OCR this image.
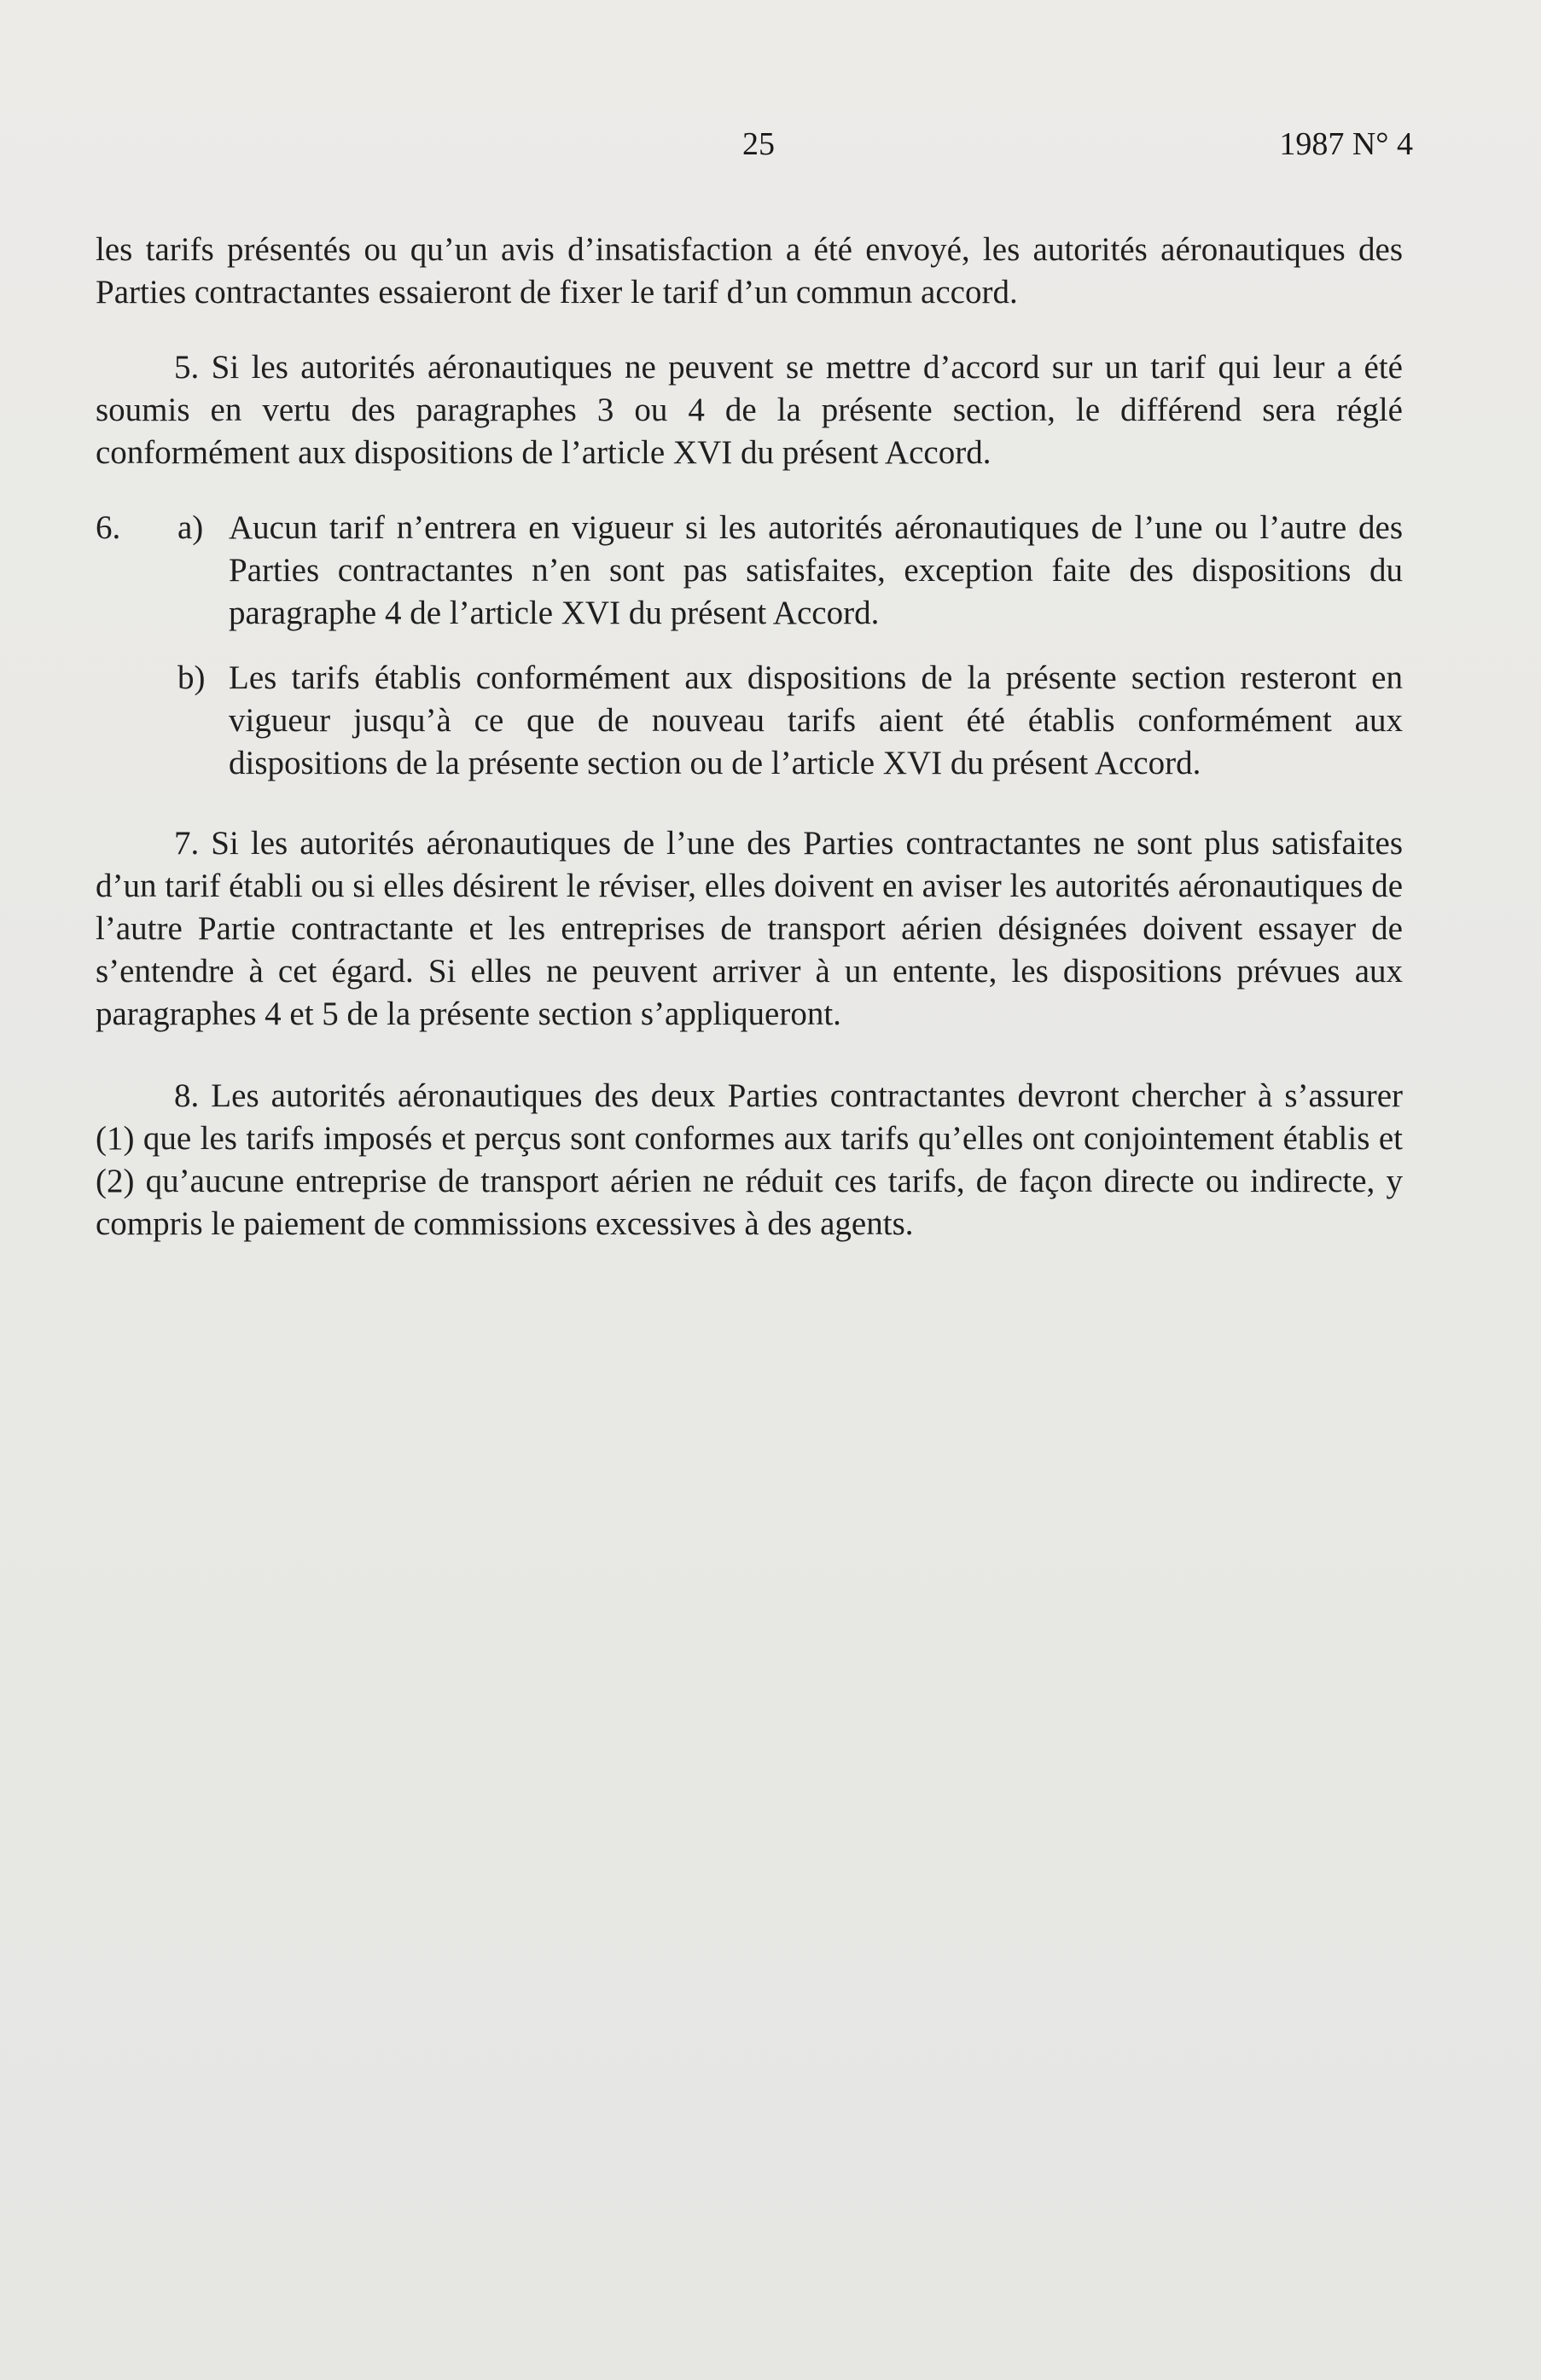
25	1987 N° 4

les tarifs présentés ou qu’un avis d’insatisfaction a été envoyé, les autorités aéronautiques des Parties contractantes essaieront de fixer le tarif d’un commun accord.

5. Si les autorités aéronautiques ne peuvent se mettre d’accord sur un tarif qui leur a été soumis en vertu des paragraphes 3 ou 4 de la présente section, le différend sera réglé conformément aux dispositions de l’article XVI du présent Accord.

6. a) Aucun tarif n’entrera en vigueur si les autorités aéronautiques de l’une ou l’autre des Parties contractantes n’en sont pas satisfaites, exception faite des dispositions du paragraphe 4 de l’article XVI du présent Accord.
b) Les tarifs établis conformément aux dispositions de la présente section resteront en vigueur jusqu’à ce que de nouveau tarifs aient été établis conformément aux dispositions de la présente section ou de l’article XVI du présent Accord.

7. Si les autorités aéronautiques de l’une des Parties contractantes ne sont plus satisfaites d’un tarif établi ou si elles désirent le réviser, elles doivent en aviser les autorités aéronautiques de l’autre Partie contractante et les entreprises de transport aérien désignées doivent essayer de s’entendre à cet égard. Si elles ne peuvent arriver à un entente, les dispositions prévues aux paragraphes 4 et 5 de la présente section s’appliqueront.

8. Les autorités aéronautiques des deux Parties contractantes devront chercher à s’assurer (1) que les tarifs imposés et perçus sont conformes aux tarifs qu’elles ont conjointement établis et (2) qu’aucune entreprise de transport aérien ne réduit ces tarifs, de façon directe ou indirecte, y compris le paiement de commissions excessives à des agents.
